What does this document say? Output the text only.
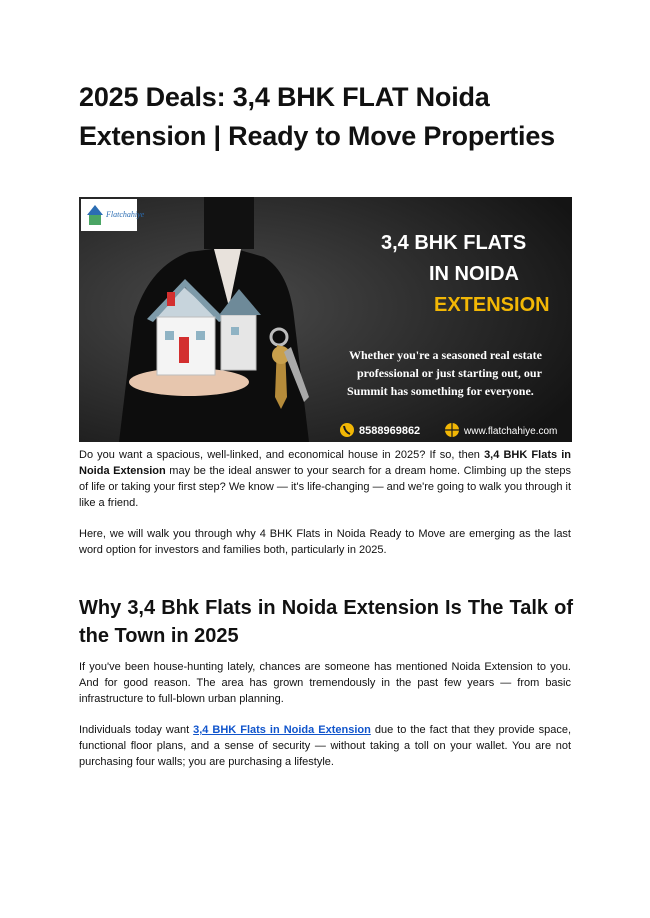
2025 Deals: 3,4 BHK FLAT Noida Extension | Ready to Move Properties
Flatchahiye
3,4 BHK FLATS
IN NOIDA
EXTENSION
Whether you're a seasoned real estate
professional or just starting out, our
Summit has something for everyone.
8588969862	www.flatchahiye.com

Do you want a spacious, well-linked, and economical house in 2025? If so, then 3,4 BHK Flats in Noida Extension may be the ideal answer to your search for a dream home. Climbing up the steps of life or taking your first step? We know — it's life-changing — and we're going to walk you through it like a friend.

Here, we will walk you through why 4 BHK Flats in Noida Ready to Move are emerging as the last word option for investors and families both, particularly in 2025.

Why 3,4 Bhk Flats in Noida Extension Is The Talk of the Town in 2025

If you've been house-hunting lately, chances are someone has mentioned Noida Extension to you. And for good reason. The area has grown tremendously in the past few years — from basic infrastructure to full-blown urban planning.

Individuals today want 3,4 BHK Flats in Noida Extension due to the fact that they provide space, functional floor plans, and a sense of security — without taking a toll on your wallet. You are not purchasing four walls; you are purchasing a lifestyle.
